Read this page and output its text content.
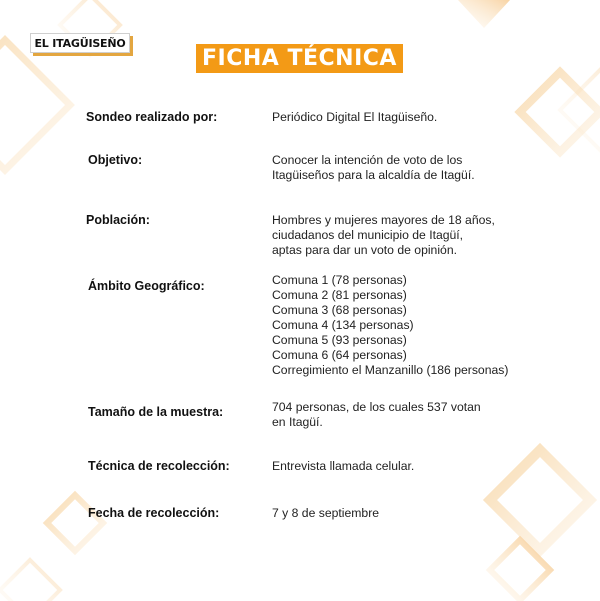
EL ITAGÜISEÑO
FICHA TÉCNICA
Sondeo realizado por:	Periódico Digital El Itagüiseño.
Objetivo:	Conocer la intención de voto de los
Itagüiseños para la alcaldía de Itagüí.
Población:	Hombres y mujeres mayores de 18 años,
ciudadanos del municipio de Itagüí,
aptas para dar un voto de opinión.
Ámbito Geográfico:	Comuna 1 (78 personas)
Comuna 2 (81 personas)
Comuna 3 (68 personas)
Comuna 4 (134 personas)
Comuna 5 (93 personas)
Comuna 6 (64 personas)
Corregimiento el Manzanillo (186 personas)
Tamaño de la muestra:	704 personas, de los cuales 537 votan
en Itagüí.
Técnica de recolección:	Entrevista llamada celular.
Fecha de recolección:	7 y 8 de septiembre
